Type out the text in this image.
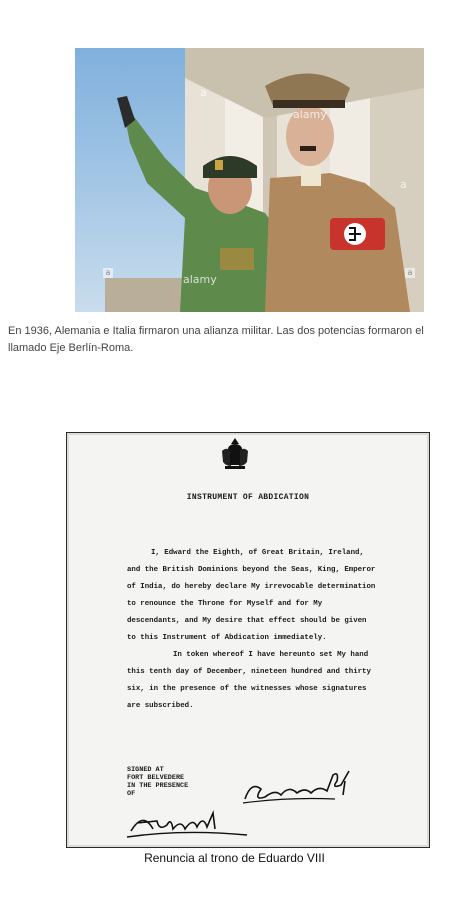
a
alamy
a
alamy
a	a

En 1936, Alemania e Italia firmaron una alianza militar. Las dos potencias formaron el llamado Eje Berlín-Roma.

INSTRUMENT OF ABDICATION

I, Edward the Eighth, of Great Britain, Ireland, and the British Dominions beyond the Seas, King, Emperor of India, do hereby declare My irrevocable determination to renounce the Throne for Myself and for My descendants, and My desire that effect should be given to this Instrument of Abdication immediately.

In token whereof I have hereunto set My hand this tenth day of December, nineteen hundred and thirty six, in the presence of the witnesses whose signatures are subscribed.

SIGNED AT
FORT BELVEDERE
IN THE PRESENCE
OF
Edward RI
Albert

Renuncia al trono de Eduardo VIII
